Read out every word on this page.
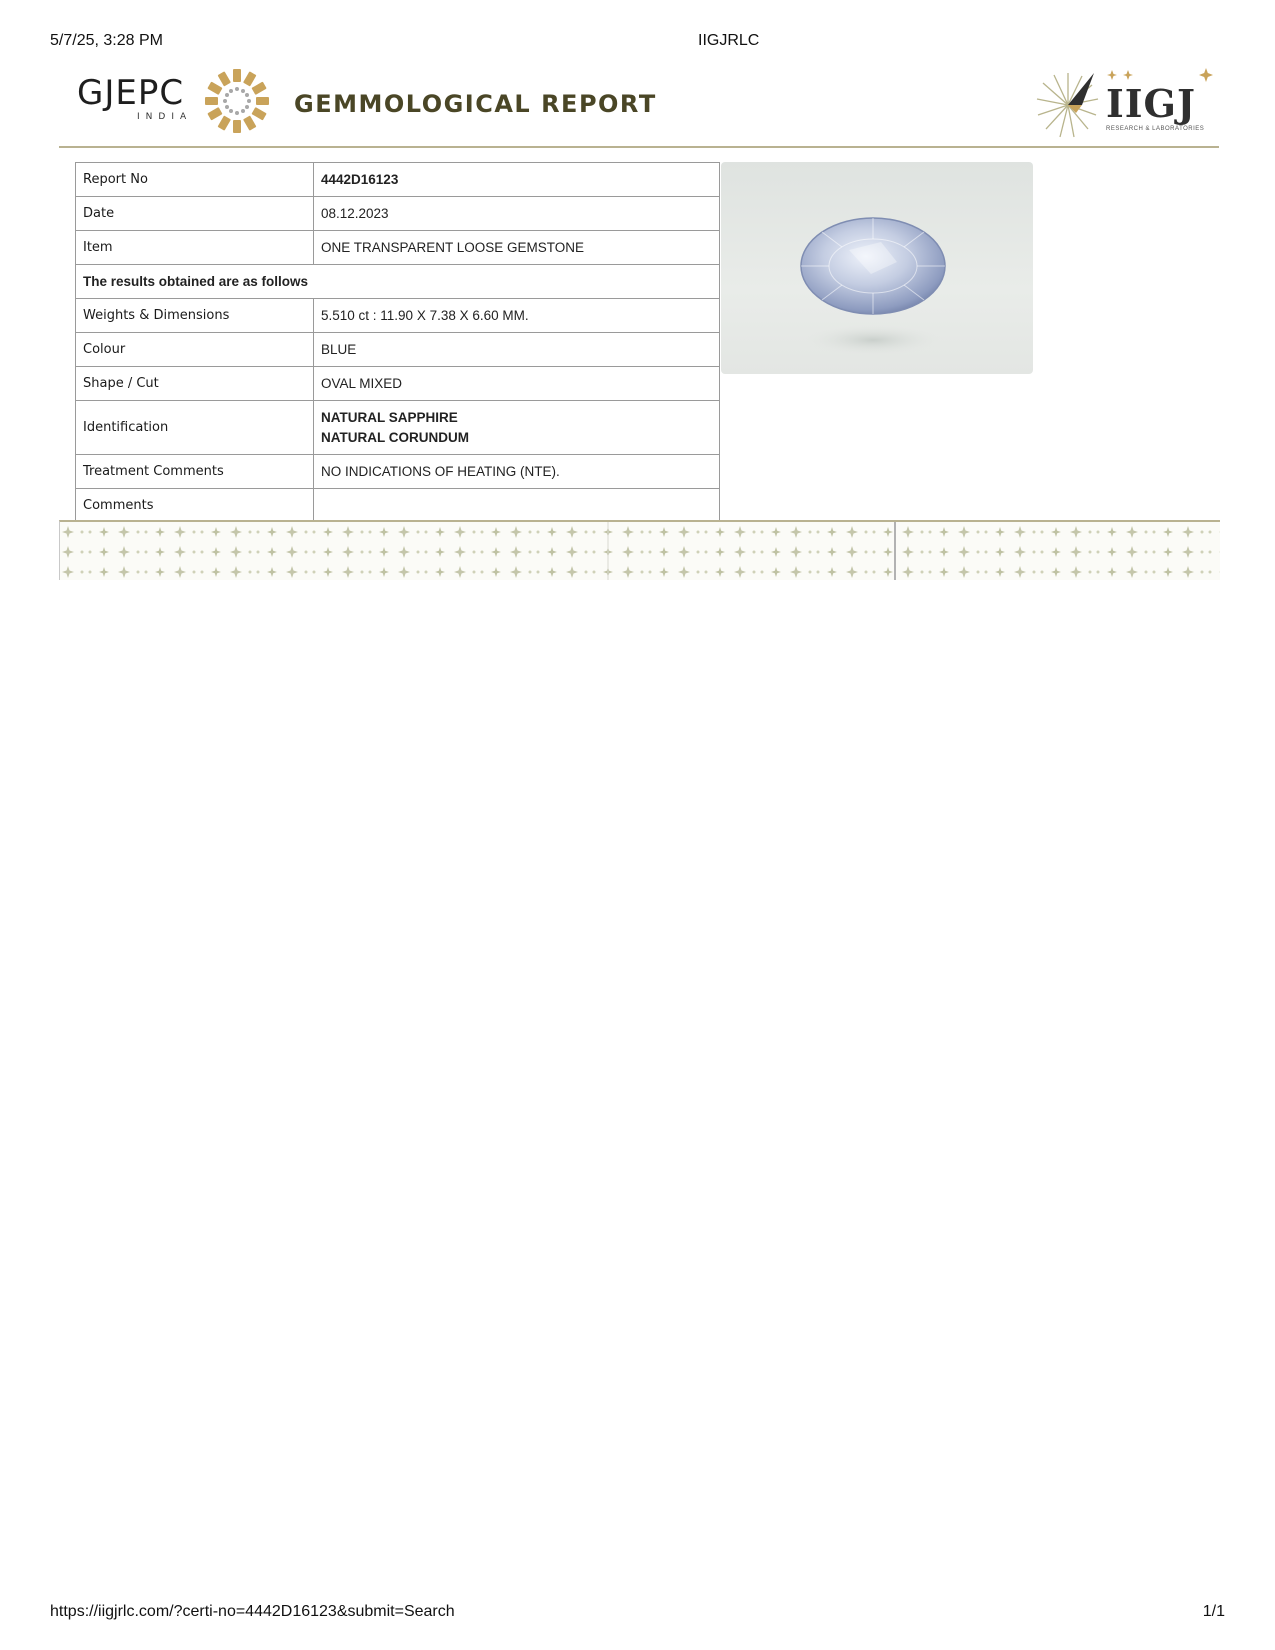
5/7/25, 3:28 PM	IIGJRLC
GJEPC
INDIA	GEMMOLOGICAL REPORT	IIGJ
RESEARCH & LABORATORIES
Report No	4442D16123
Date	08.12.2023
Item	ONE TRANSPARENT LOOSE GEMSTONE
The results obtained are as follows	
Weights & Dimensions	5.510 ct : 11.90 X 7.38 X 6.60 MM.
Colour	BLUE
Shape / Cut	OVAL MIXED
Identification	NATURAL SAPPHIRE
NATURAL CORUNDUM

Treatment Comments	NO INDICATIONS OF HEATING (NTE).
Comments	
https://iigjrlc.com/?certi-no=4442D16123&submit=Search	1/1
